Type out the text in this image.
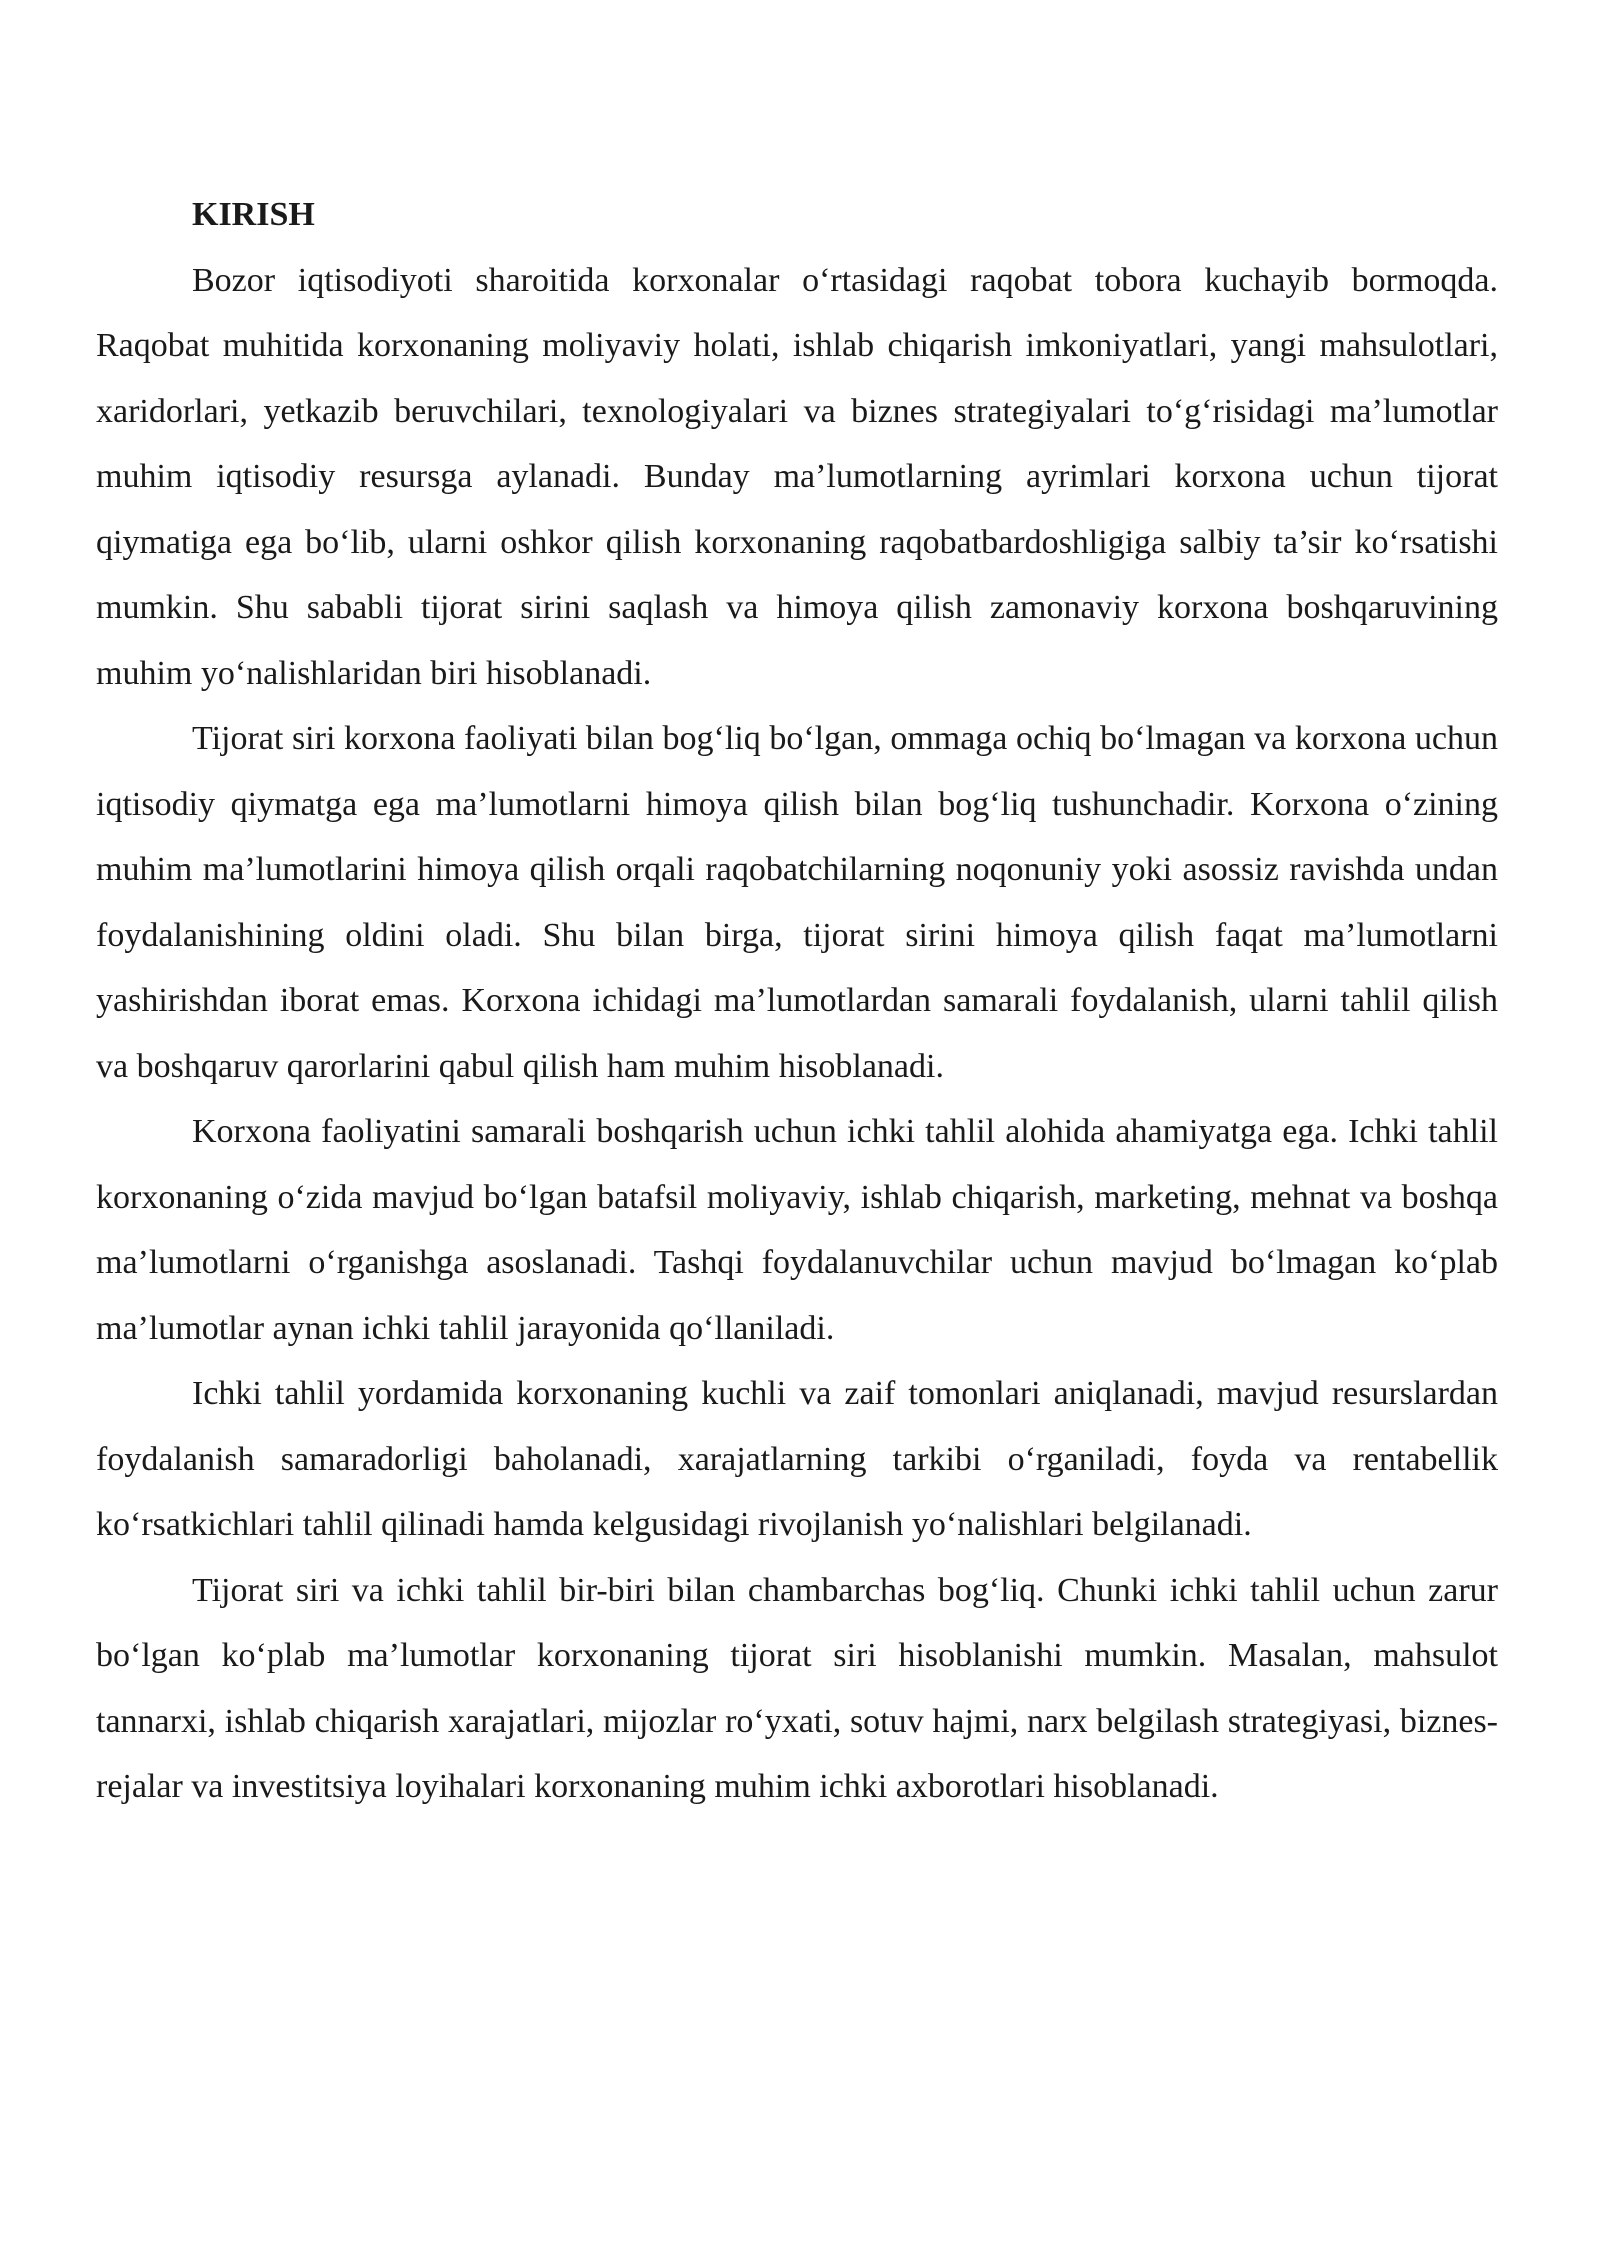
KIRISH

Bozor iqtisodiyoti sharoitida korxonalar o‘rtasidagi raqobat tobora kuchayib bormoqda. Raqobat muhitida korxonaning moliyaviy holati, ishlab chiqarish imkoniyatlari, yangi mahsulotlari, xaridorlari, yetkazib beruvchilari, texnologiyalari va biznes strategiyalari to‘g‘risidagi ma’lumotlar muhim iqtisodiy resursga aylanadi. Bunday ma’lumotlarning ayrimlari korxona uchun tijorat qiymatiga ega bo‘lib, ularni oshkor qilish korxonaning raqobatbardoshligiga salbiy ta’sir ko‘rsatishi mumkin. Shu sababli tijorat sirini saqlash va himoya qilish zamonaviy korxona boshqaruvining muhim yo‘nalishlaridan biri hisoblanadi.

Tijorat siri korxona faoliyati bilan bog‘liq bo‘lgan, ommaga ochiq bo‘lmagan va korxona uchun iqtisodiy qiymatga ega ma’lumotlarni himoya qilish bilan bog‘liq tushunchadir. Korxona o‘zining muhim ma’lumotlarini himoya qilish orqali raqobatchilarning noqonuniy yoki asossiz ravishda undan foydalanishining oldini oladi. Shu bilan birga, tijorat sirini himoya qilish faqat ma’lumotlarni yashirishdan iborat emas. Korxona ichidagi ma’lumotlardan samarali foydalanish, ularni tahlil qilish va boshqaruv qarorlarini qabul qilish ham muhim hisoblanadi.

Korxona faoliyatini samarali boshqarish uchun ichki tahlil alohida ahamiyatga ega. Ichki tahlil korxonaning o‘zida mavjud bo‘lgan batafsil moliyaviy, ishlab chiqarish, marketing, mehnat va boshqa ma’lumotlarni o‘rganishga asoslanadi. Tashqi foydalanuvchilar uchun mavjud bo‘lmagan ko‘plab ma’lumotlar aynan ichki tahlil jarayonida qo‘llaniladi.

Ichki tahlil yordamida korxonaning kuchli va zaif tomonlari aniqlanadi, mavjud resurslardan foydalanish samaradorligi baholanadi, xarajatlarning tarkibi o‘rganiladi, foyda va rentabellik ko‘rsatkichlari tahlil qilinadi hamda kelgusidagi rivojlanish yo‘nalishlari belgilanadi.

Tijorat siri va ichki tahlil bir-biri bilan chambarchas bog‘liq. Chunki ichki tahlil uchun zarur bo‘lgan ko‘plab ma’lumotlar korxonaning tijorat siri hisoblanishi mumkin. Masalan, mahsulot tannarxi, ishlab chiqarish xarajatlari, mijozlar ro‘yxati, sotuv hajmi, narx belgilash strategiyasi, biznes-rejalar va investitsiya loyihalari korxonaning muhim ichki axborotlari hisoblanadi.
